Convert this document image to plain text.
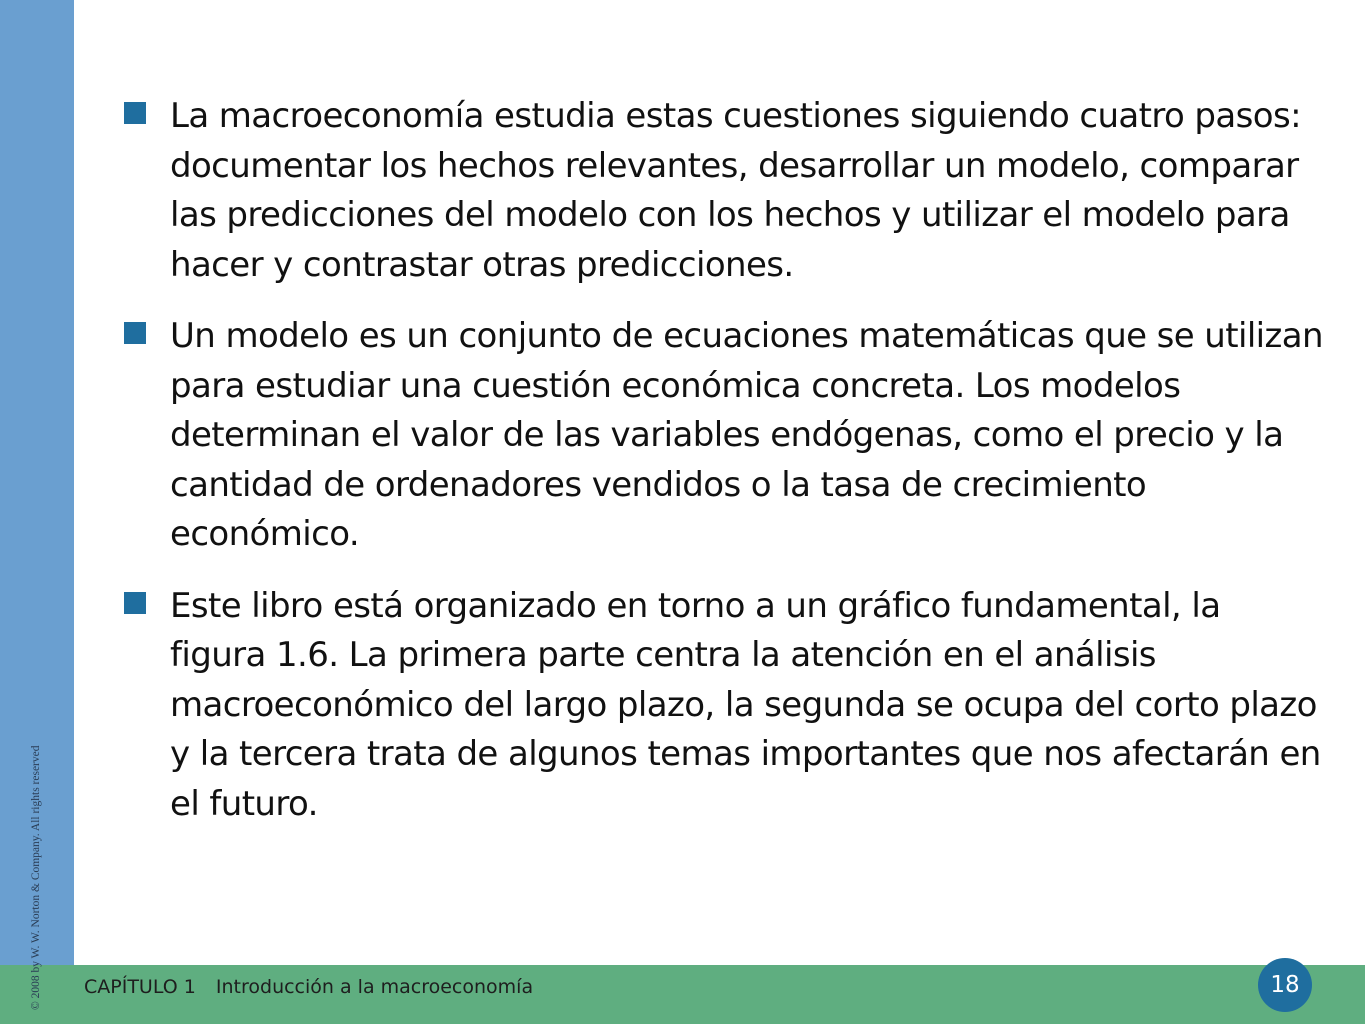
© 2008 by W. W. Norton & Company. All rights reserved
La macroeconomía estudia estas cuestiones siguiendo cuatro pasos: documentar los hechos relevantes, desarrollar un modelo, comparar las predicciones del modelo con los hechos y utilizar el modelo para hacer y contrastar otras predicciones.
Un modelo es un conjunto de ecuaciones matemáticas que se utilizan para estudiar una cuestión económica concreta. Los modelos determinan el valor de las variables endógenas, como el precio y la cantidad de ordenadores vendidos o la tasa de crecimiento económico.
Este libro está organizado en torno a un gráfico fundamental, la figura 1.6. La primera parte centra la atención en el análisis macroeconómico del largo plazo, la segunda se ocupa del corto plazo y la tercera trata de algunos temas importantes que nos afectarán en el futuro.
CAPÍTULO 1 Introducción a la macroeconomía	18
